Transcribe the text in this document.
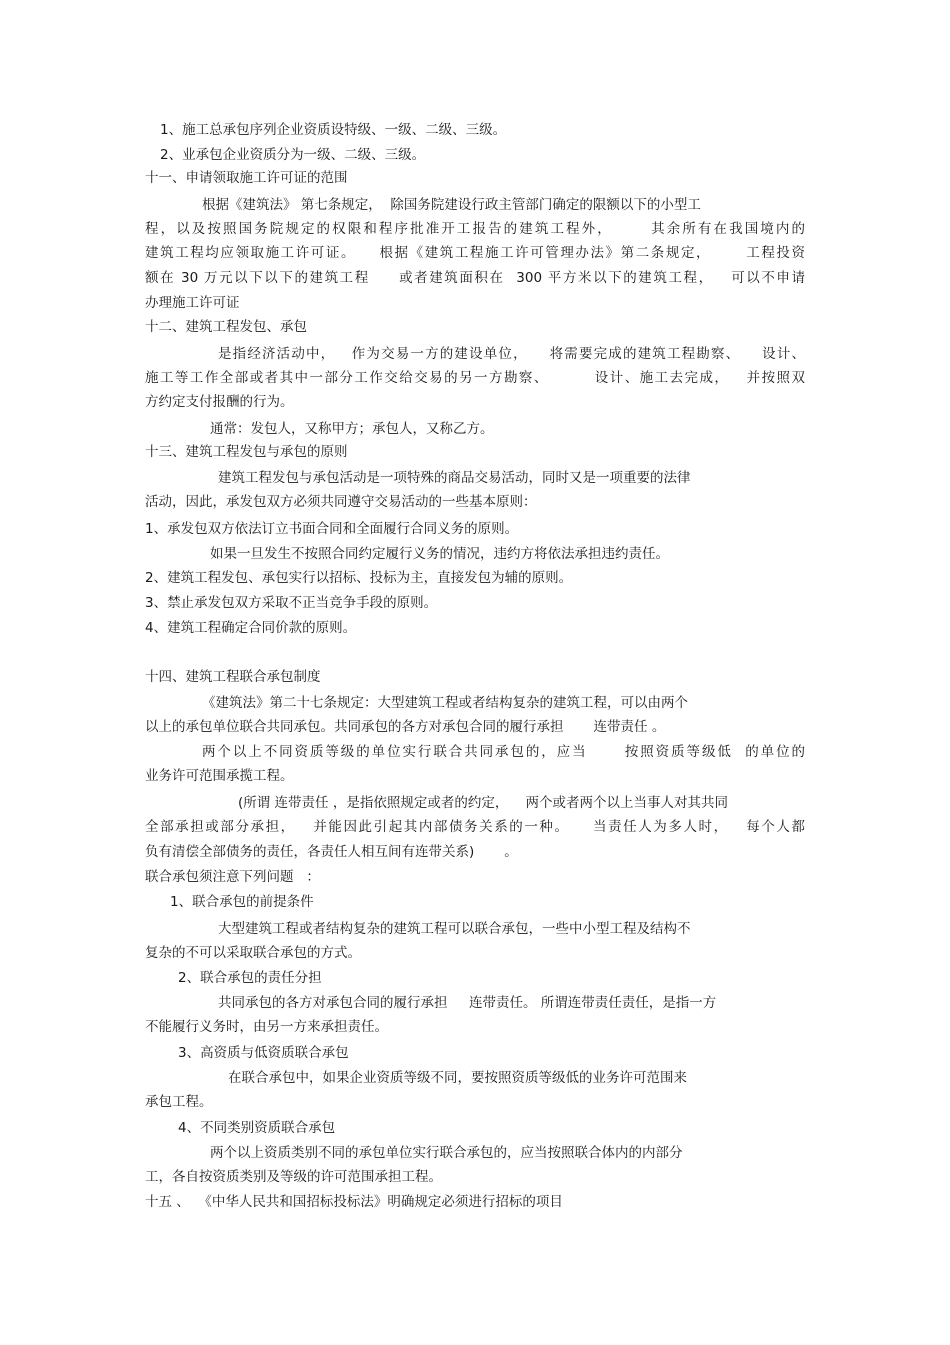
1、施工总承包序列企业资质设特级、一级、二级、三级。
2、业承包企业资质分为一级、二级、三级。
十一、申请领取施工许可证的范围
根据《建筑法》 第七条规定，  除国务院建设行政主管部门确定的限额以下的小型工
程，以及按照国务院规定的权限和程序批准开工报告的建筑工程外，      其余所有在我国境内的
建筑工程均应领取施工许可证。    根据《建筑工程施工许可管理办法》第二条规定，      工程投资
额在 30 万元以下以下的建筑工程     或者建筑面积在  300 平方米以下的建筑工程，   可以不申请
办理施工许可证
十二、建筑工程发包、承包
是指经济活动中，   作为交易一方的建设单位，    将需要完成的建筑工程勘察、    设计、
施工等工作全部或者其中一部分工作交给交易的另一方勘察、        设计、施工去完成，   并按照双
方约定支付报酬的行为。
通常：发包人，又称甲方；承包人，又称乙方。
十三、建筑工程发包与承包的原则
建筑工程发包与承包活动是一项特殊的商品交易活动，同时又是一项重要的法律
活动，因此，承发包双方必须共同遵守交易活动的一些基本原则：
1、承发包双方依法订立书面合同和全面履行合同义务的原则。
如果一旦发生不按照合同约定履行义务的情况，违约方将依法承担违约责任。
2、建筑工程发包、承包实行以招标、投标为主，直接发包为辅的原则。
3、禁止承发包双方采取不正当竞争手段的原则。
4、建筑工程确定合同价款的原则。
十四、建筑工程联合承包制度
《建筑法》第二十七条规定：大型建筑工程或者结构复杂的建筑工程，可以由两个
以上的承包单位联合共同承包。共同承包的各方对承包合同的履行承担       连带责任 。
两个以上不同资质等级的单位实行联合共同承包的，应当      按照资质等级低  的单位的
业务许可范围承揽工程。
(所谓 连带责任 ，是指依照规定或者的约定，    两个或者两个以上当事人对其共同
全部承担或部分承担，   并能因此引起其内部债务关系的一种。    当责任人为多人时，   每个人都
负有清偿全部债务的责任，各责任人相互间有连带关系)       。
联合承包须注意下列问题   ：
1、联合承包的前提条件
大型建筑工程或者结构复杂的建筑工程可以联合承包，一些中小型工程及结构不
复杂的不可以采取联合承包的方式。
2、联合承包的责任分担
共同承包的各方对承包合同的履行承担     连带责任。 所谓连带责任责任，是指一方
不能履行义务时，由另一方来承担责任。
3、高资质与低资质联合承包
在联合承包中，如果企业资质等级不同，要按照资质等级低的业务许可范围来
承包工程。
4、不同类别资质联合承包
两个以上资质类别不同的承包单位实行联合承包的，应当按照联合体内的内部分
工，各自按资质类别及等级的许可范围承担工程。
十五 、  《中华人民共和国招标投标法》明确规定必须进行招标的项目
